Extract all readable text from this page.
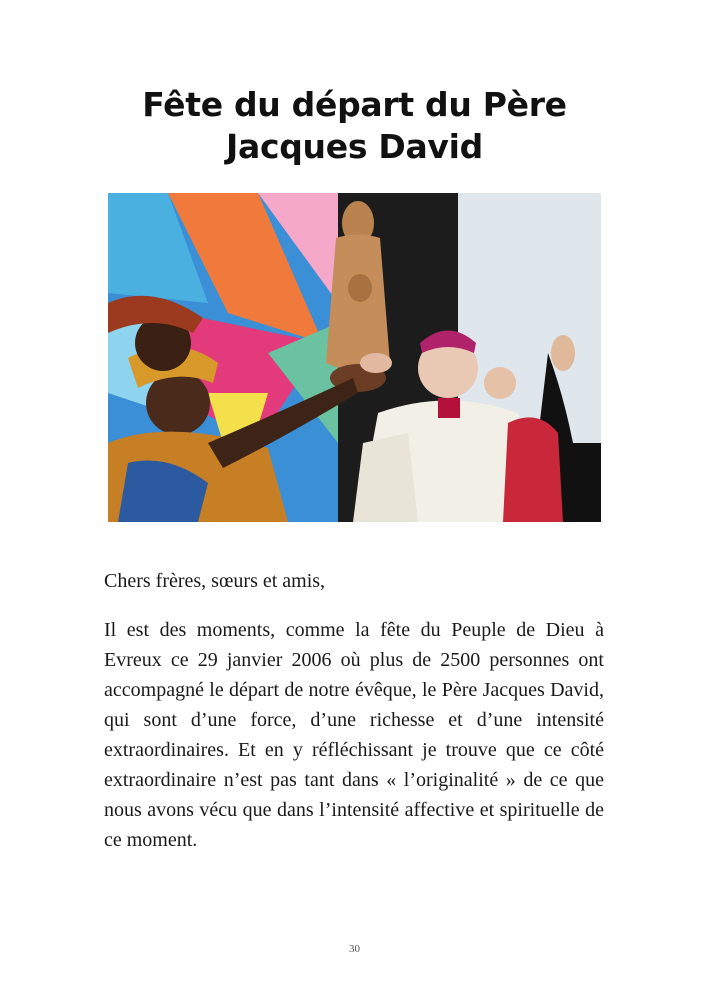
Fête du départ du Père
Jacques David

Chers frères, sœurs et amis,

Il est des moments, comme la fête du Peuple de Dieu à Evreux ce 29 janvier 2006 où plus de 2500 personnes ont accompagné le départ de notre évêque, le Père Jacques David, qui sont d’une force, d’une richesse et d’une intensité extraordinaires. Et en y réfléchissant je trouve que ce côté extraordinaire n’est pas tant dans « l’originalité » de ce que nous avons vécu que dans l’intensité affective et spirituelle de ce moment.

30
